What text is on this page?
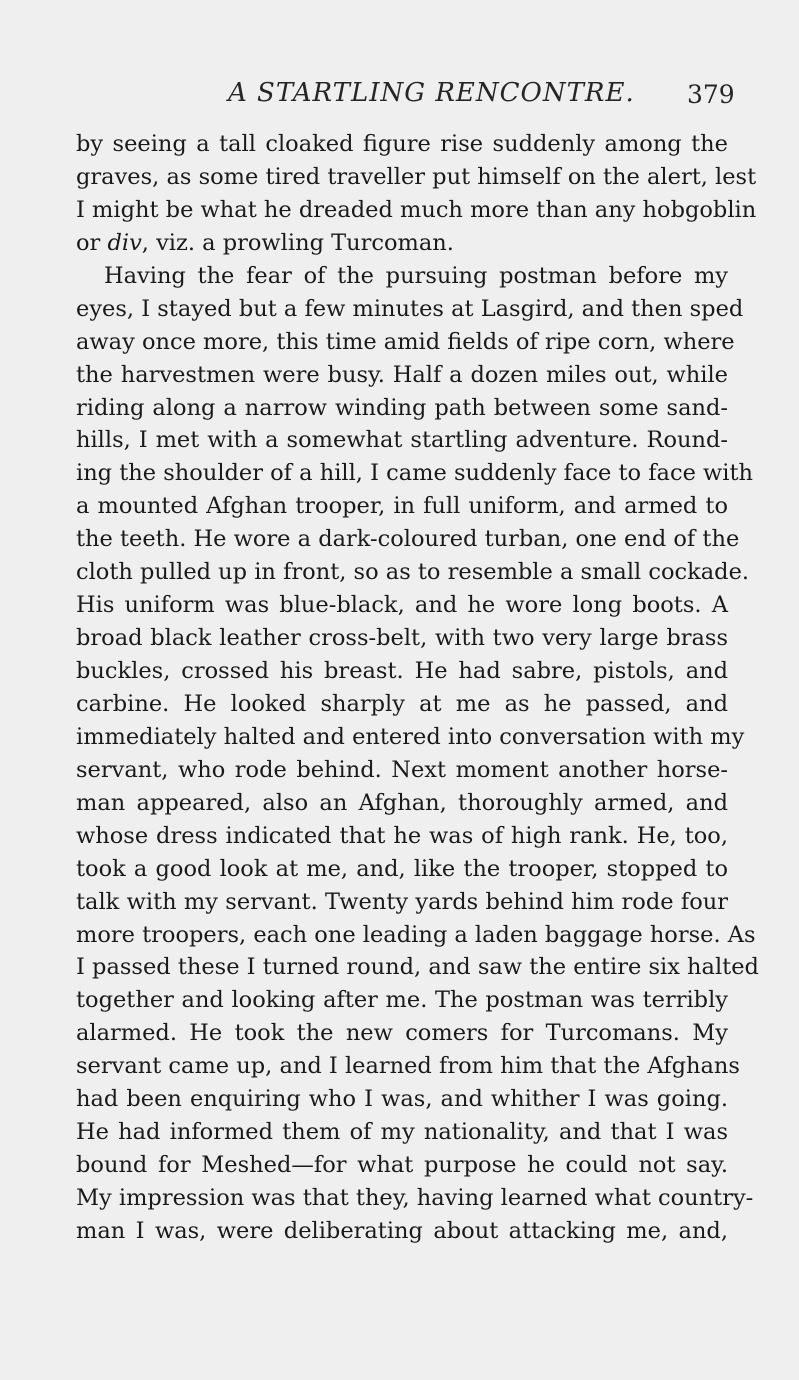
A STARTLING RENCONTRE. 379
by seeing a tall cloaked figure rise suddenly among the
graves, as some tired traveller put himself on the alert, lest
I might be what he dreaded much more than any hobgoblin
or div, viz. a prowling Turcoman.
Having the fear of the pursuing postman before my
eyes, I stayed but a few minutes at Lasgird, and then sped
away once more, this time amid fields of ripe corn, where
the harvestmen were busy. Half a dozen miles out, while
riding along a narrow winding path between some sand-
hills, I met with a somewhat startling adventure. Round-
ing the shoulder of a hill, I came suddenly face to face with
a mounted Afghan trooper, in full uniform, and armed to
the teeth. He wore a dark-coloured turban, one end of the
cloth pulled up in front, so as to resemble a small cockade.
His uniform was blue-black, and he wore long boots. A
broad black leather cross-belt, with two very large brass
buckles, crossed his breast. He had sabre, pistols, and
carbine. He looked sharply at me as he passed, and
immediately halted and entered into conversation with my
servant, who rode behind. Next moment another horse-
man appeared, also an Afghan, thoroughly armed, and
whose dress indicated that he was of high rank. He, too,
took a good look at me, and, like the trooper, stopped to
talk with my servant. Twenty yards behind him rode four
more troopers, each one leading a laden baggage horse. As
I passed these I turned round, and saw the entire six halted
together and looking after me. The postman was terribly
alarmed. He took the new comers for Turcomans. My
servant came up, and I learned from him that the Afghans
had been enquiring who I was, and whither I was going.
He had informed them of my nationality, and that I was
bound for Meshed—for what purpose he could not say.
My impression was that they, having learned what country-
man I was, were deliberating about attacking me, and,
